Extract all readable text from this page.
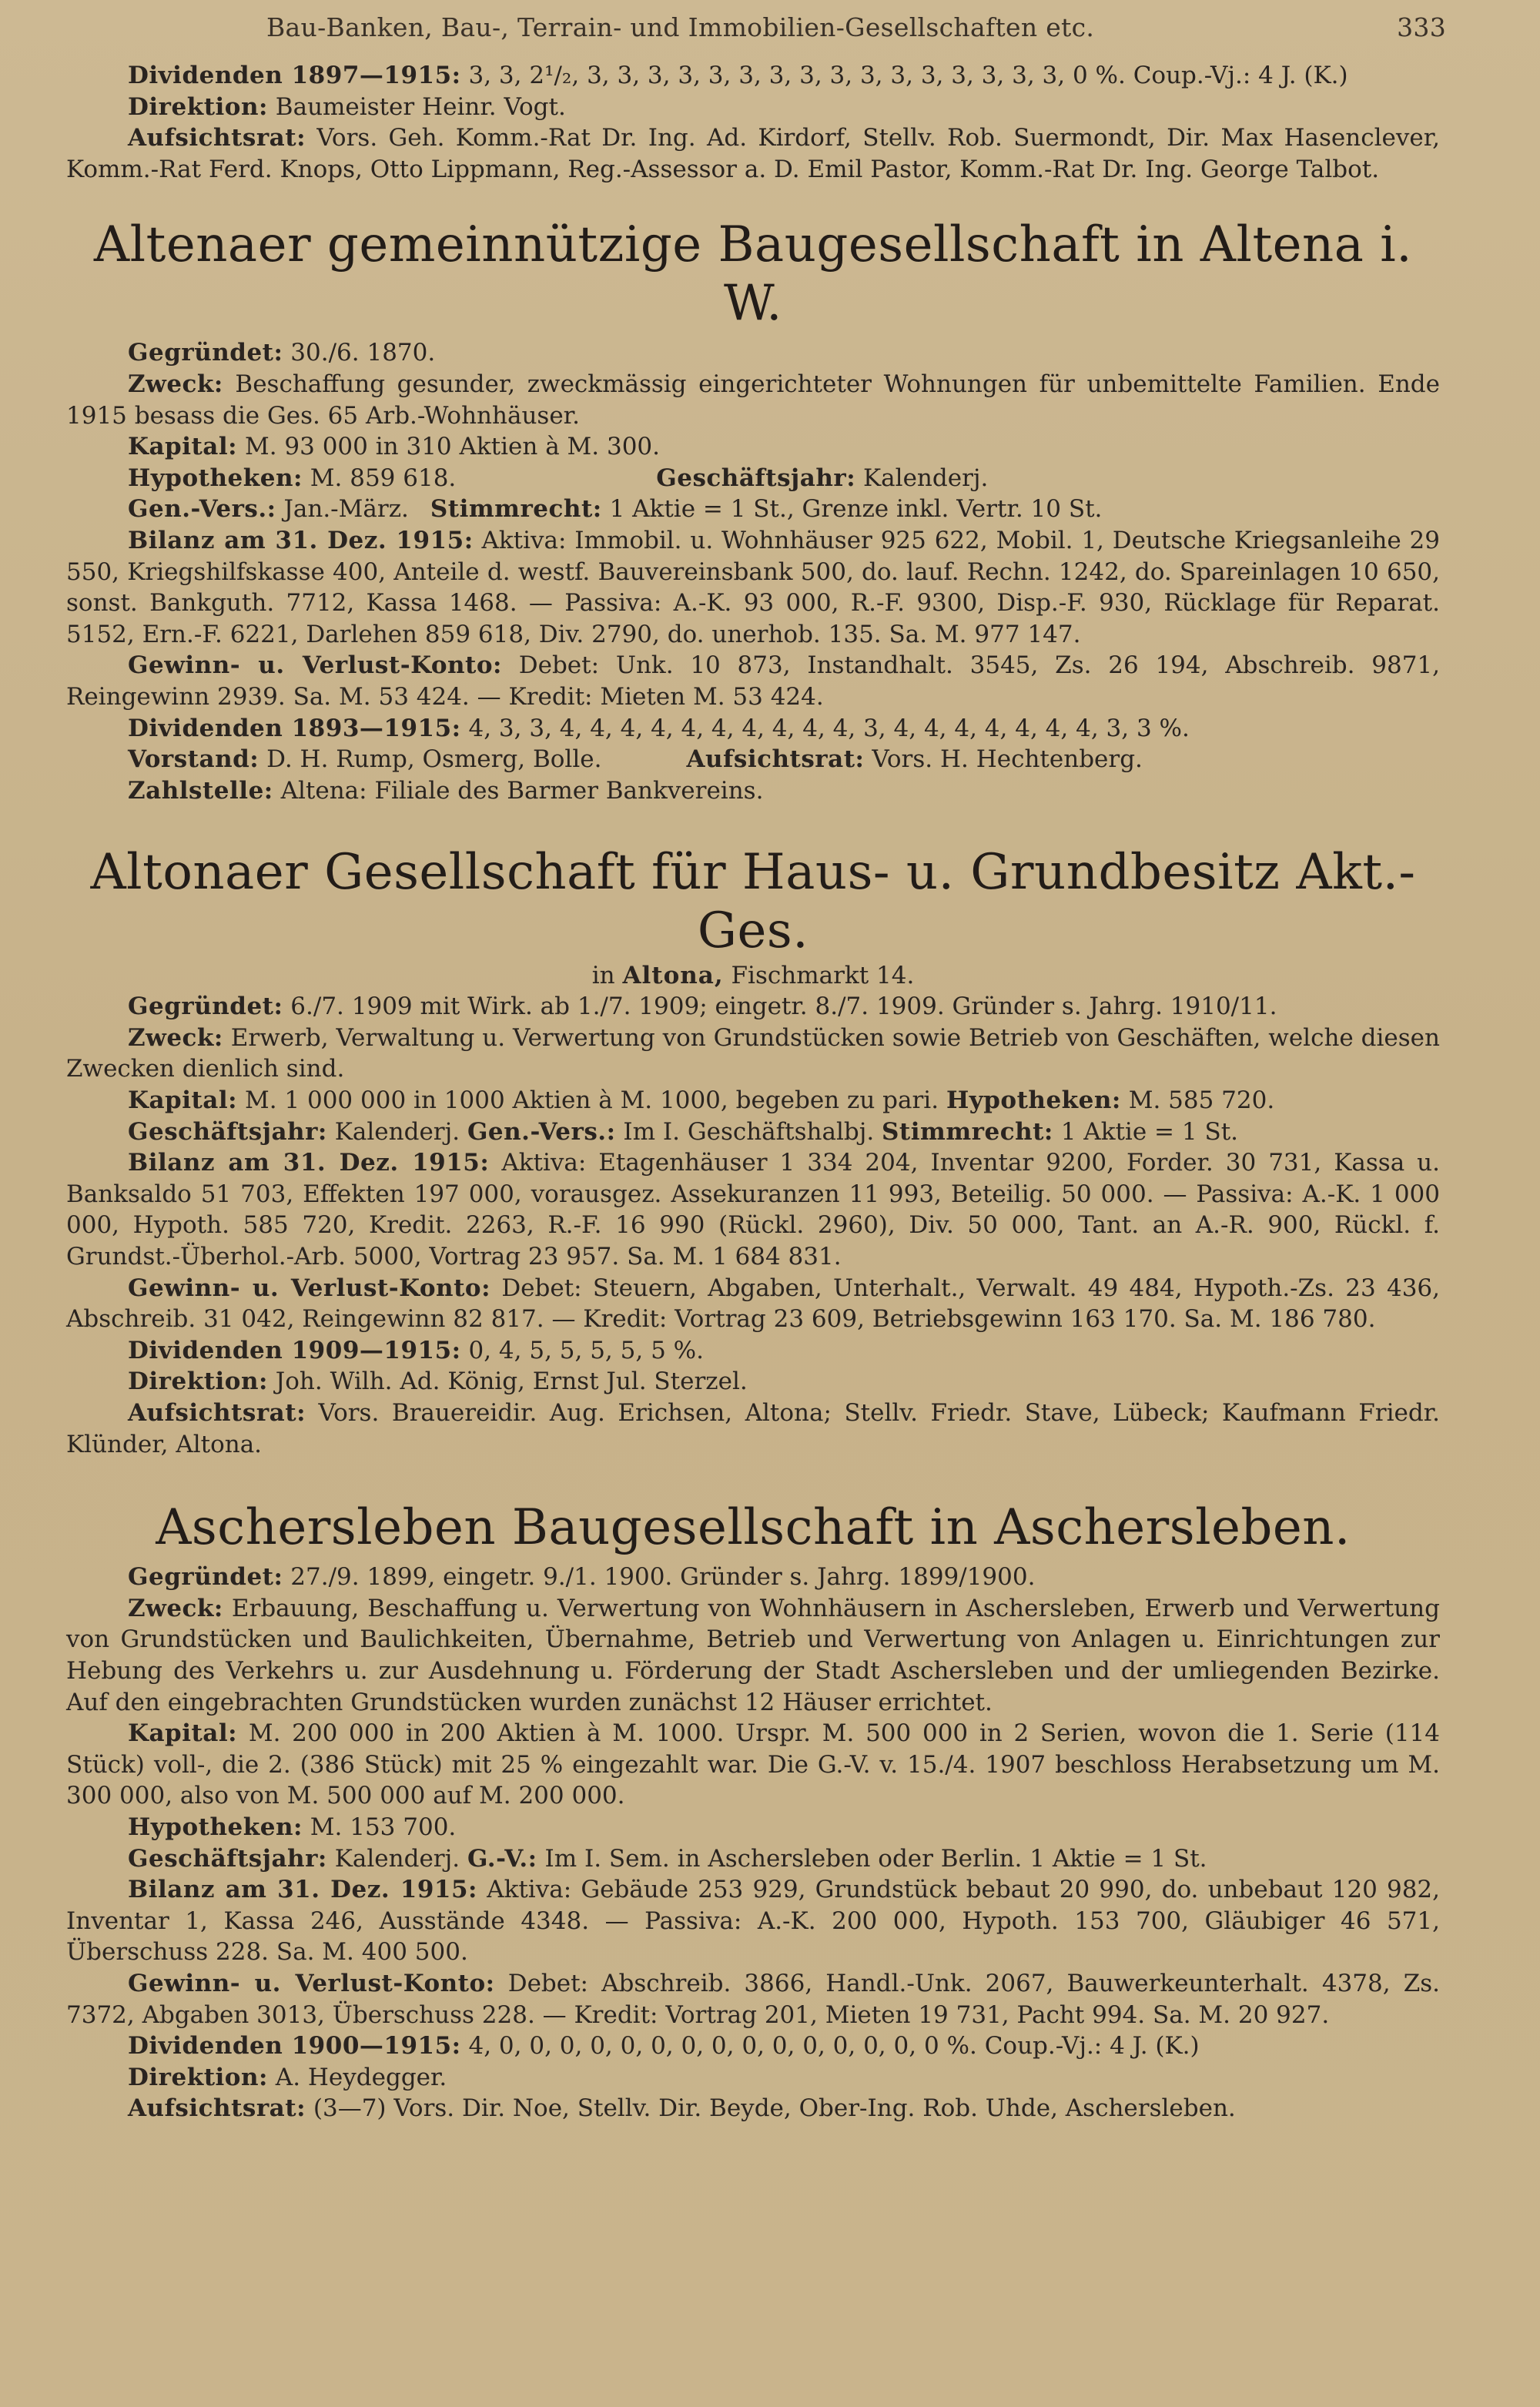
Bau-Banken, Bau-, Terrain- und Immobilien-Gesellschaften etc.	333

Dividenden 1897—1915: 3, 3, 2¹/₂, 3, 3, 3, 3, 3, 3, 3, 3, 3, 3, 3, 3, 3, 3, 3, 3, 0 %. Coup.-Vj.: 4 J. (K.)

Direktion: Baumeister Heinr. Vogt.

Aufsichtsrat: Vors. Geh. Komm.-Rat Dr. Ing. Ad. Kirdorf, Stellv. Rob. Suermondt, Dir. Max Hasenclever, Komm.-Rat Ferd. Knops, Otto Lippmann, Reg.-Assessor a. D. Emil Pastor, Komm.-Rat Dr. Ing. George Talbot.

Altenaer gemeinnützige Baugesellschaft in Altena i. W.

Gegründet: 30./6. 1870.

Zweck: Beschaffung gesunder, zweckmässig eingerichteter Wohnungen für unbemittelte Familien. Ende 1915 besass die Ges. 65 Arb.-Wohnhäuser.

Kapital: M. 93 000 in 310 Aktien à M. 300.

Hypotheken: M. 859 618.	Geschäftsjahr: Kalenderj.

Gen.-Vers.: Jan.-März. Stimmrecht: 1 Aktie = 1 St., Grenze inkl. Vertr. 10 St.

Bilanz am 31. Dez. 1915: Aktiva: Immobil. u. Wohnhäuser 925 622, Mobil. 1, Deutsche Kriegsanleihe 29 550, Kriegshilfskasse 400, Anteile d. westf. Bauvereinsbank 500, do. lauf. Rechn. 1242, do. Spareinlagen 10 650, sonst. Bankguth. 7712, Kassa 1468. — Passiva: A.-K. 93 000, R.-F. 9300, Disp.-F. 930, Rücklage für Reparat. 5152, Ern.-F. 6221, Darlehen 859 618, Div. 2790, do. unerhob. 135. Sa. M. 977 147.

Gewinn- u. Verlust-Konto: Debet: Unk. 10 873, Instandhalt. 3545, Zs. 26 194, Abschreib. 9871, Reingewinn 2939. Sa. M. 53 424. — Kredit: Mieten M. 53 424.

Dividenden 1893—1915: 4, 3, 3, 4, 4, 4, 4, 4, 4, 4, 4, 4, 4, 3, 4, 4, 4, 4, 4, 4, 4, 3, 3 %.

Vorstand: D. H. Rump, Osmerg, Bolle.	Aufsichtsrat: Vors. H. Hechtenberg.

Zahlstelle: Altena: Filiale des Barmer Bankvereins.

Altonaer Gesellschaft für Haus- u. Grundbesitz Akt.-Ges.
in Altona, Fischmarkt 14.

Gegründet: 6./7. 1909 mit Wirk. ab 1./7. 1909; eingetr. 8./7. 1909. Gründer s. Jahrg. 1910/11.

Zweck: Erwerb, Verwaltung u. Verwertung von Grundstücken sowie Betrieb von Geschäften, welche diesen Zwecken dienlich sind.

Kapital: M. 1 000 000 in 1000 Aktien à M. 1000, begeben zu pari. Hypotheken: M. 585 720.

Geschäftsjahr: Kalenderj. Gen.-Vers.: Im I. Geschäftshalbj. Stimmrecht: 1 Aktie = 1 St.

Bilanz am 31. Dez. 1915: Aktiva: Etagenhäuser 1 334 204, Inventar 9200, Forder. 30 731, Kassa u. Banksaldo 51 703, Effekten 197 000, vorausgez. Assekuranzen 11 993, Beteilig. 50 000. — Passiva: A.-K. 1 000 000, Hypoth. 585 720, Kredit. 2263, R.-F. 16 990 (Rückl. 2960), Div. 50 000, Tant. an A.-R. 900, Rückl. f. Grundst.-Überhol.-Arb. 5000, Vortrag 23 957. Sa. M. 1 684 831.

Gewinn- u. Verlust-Konto: Debet: Steuern, Abgaben, Unterhalt., Verwalt. 49 484, Hypoth.-Zs. 23 436, Abschreib. 31 042, Reingewinn 82 817. — Kredit: Vortrag 23 609, Betriebsgewinn 163 170. Sa. M. 186 780.

Dividenden 1909—1915: 0, 4, 5, 5, 5, 5, 5 %.

Direktion: Joh. Wilh. Ad. König, Ernst Jul. Sterzel.

Aufsichtsrat: Vors. Brauereidir. Aug. Erichsen, Altona; Stellv. Friedr. Stave, Lübeck; Kaufmann Friedr. Klünder, Altona.

Aschersleben Baugesellschaft in Aschersleben.

Gegründet: 27./9. 1899, eingetr. 9./1. 1900. Gründer s. Jahrg. 1899/1900.

Zweck: Erbauung, Beschaffung u. Verwertung von Wohnhäusern in Aschersleben, Erwerb und Verwertung von Grundstücken und Baulichkeiten, Übernahme, Betrieb und Verwertung von Anlagen u. Einrichtungen zur Hebung des Verkehrs u. zur Ausdehnung u. Förderung der Stadt Aschersleben und der umliegenden Bezirke. Auf den eingebrachten Grundstücken wurden zunächst 12 Häuser errichtet.

Kapital: M. 200 000 in 200 Aktien à M. 1000. Urspr. M. 500 000 in 2 Serien, wovon die 1. Serie (114 Stück) voll-, die 2. (386 Stück) mit 25 % eingezahlt war. Die G.-V. v. 15./4. 1907 beschloss Herabsetzung um M. 300 000, also von M. 500 000 auf M. 200 000.

Hypotheken: M. 153 700.

Geschäftsjahr: Kalenderj. G.-V.: Im I. Sem. in Aschersleben oder Berlin. 1 Aktie = 1 St.

Bilanz am 31. Dez. 1915: Aktiva: Gebäude 253 929, Grundstück bebaut 20 990, do. unbebaut 120 982, Inventar 1, Kassa 246, Ausstände 4348. — Passiva: A.-K. 200 000, Hypoth. 153 700, Gläubiger 46 571, Überschuss 228. Sa. M. 400 500.

Gewinn- u. Verlust-Konto: Debet: Abschreib. 3866, Handl.-Unk. 2067, Bauwerkeunterhalt. 4378, Zs. 7372, Abgaben 3013, Überschuss 228. — Kredit: Vortrag 201, Mieten 19 731, Pacht 994. Sa. M. 20 927.

Dividenden 1900—1915: 4, 0, 0, 0, 0, 0, 0, 0, 0, 0, 0, 0, 0, 0, 0, 0 %. Coup.-Vj.: 4 J. (K.)

Direktion: A. Heydegger.

Aufsichtsrat: (3—7) Vors. Dir. Noe, Stellv. Dir. Beyde, Ober-Ing. Rob. Uhde, Aschersleben.
